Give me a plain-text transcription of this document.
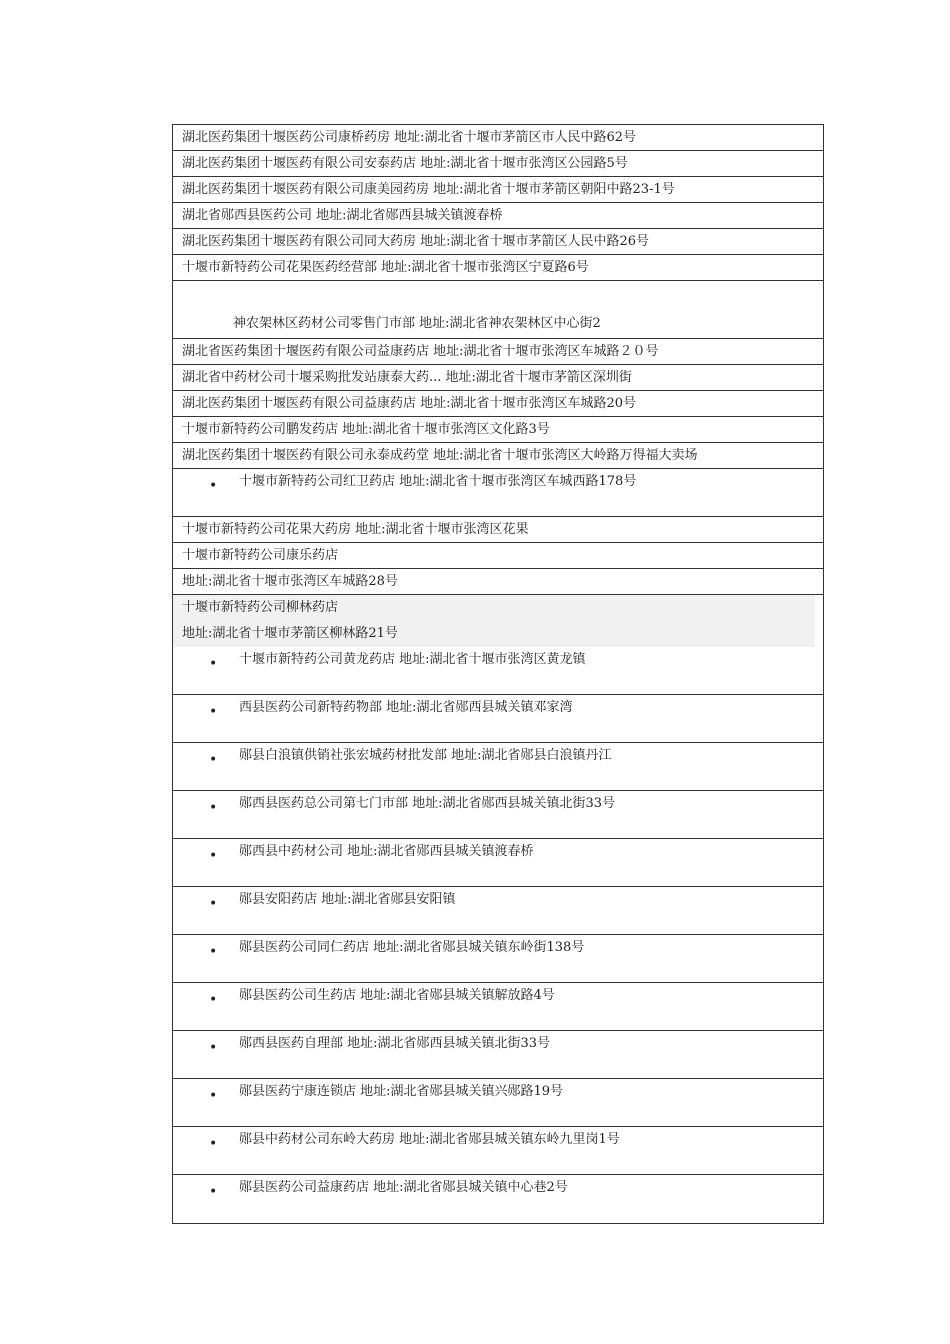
湖北医药集团十堰医药公司康桥药房 地址:湖北省十堰市茅箭区市人民中路62号
湖北医药集团十堰医药有限公司安泰药店 地址:湖北省十堰市张湾区公园路5号
湖北医药集团十堰医药有限公司康美园药房 地址:湖北省十堰市茅箭区朝阳中路23-1号
湖北省郧西县医药公司 地址:湖北省郧西县城关镇渡春桥
湖北医药集团十堰医药有限公司同大药房 地址:湖北省十堰市茅箭区人民中路26号
十堰市新特药公司花果医药经营部 地址:湖北省十堰市张湾区宁夏路6号
神农架林区药材公司零售门市部 地址:湖北省神农架林区中心街2
湖北省医药集团十堰医药有限公司益康药店 地址:湖北省十堰市张湾区车城路２０号
湖北省中药材公司十堰采购批发站康泰大药... 地址:湖北省十堰市茅箭区深圳街
湖北医药集团十堰医药有限公司益康药店 地址:湖北省十堰市张湾区车城路20号
十堰市新特药公司鹏发药店 地址:湖北省十堰市张湾区文化路3号
湖北医药集团十堰医药有限公司永泰成药堂 地址:湖北省十堰市张湾区大岭路万得福大卖场
• 十堰市新特药公司红卫药店 地址:湖北省十堰市张湾区车城西路178号
十堰市新特药公司花果大药房 地址:湖北省十堰市张湾区花果
十堰市新特药公司康乐药店
地址:湖北省十堰市张湾区车城路28号
十堰市新特药公司柳林药店
地址:湖北省十堰市茅箭区柳林路21号
• 十堰市新特药公司黄龙药店 地址:湖北省十堰市张湾区黄龙镇
• 西县医药公司新特药物部 地址:湖北省郧西县城关镇邓家湾
• 郧县白浪镇供销社张宏城药材批发部 地址:湖北省郧县白浪镇丹江
• 郧西县医药总公司第七门市部 地址:湖北省郧西县城关镇北街33号
• 郧西县中药材公司 地址:湖北省郧西县城关镇渡春桥
• 郧县安阳药店 地址:湖北省郧县安阳镇
• 郧县医药公司同仁药店 地址:湖北省郧县城关镇东岭街138号
• 郧县医药公司生药店 地址:湖北省郧县城关镇解放路4号
• 郧西县医药自理部 地址:湖北省郧西县城关镇北街33号
• 郧县医药宁康连锁店 地址:湖北省郧县城关镇兴郧路19号
• 郧县中药材公司东岭大药房 地址:湖北省郧县城关镇东岭九里岗1号
• 郧县医药公司益康药店 地址:湖北省郧县城关镇中心巷2号
